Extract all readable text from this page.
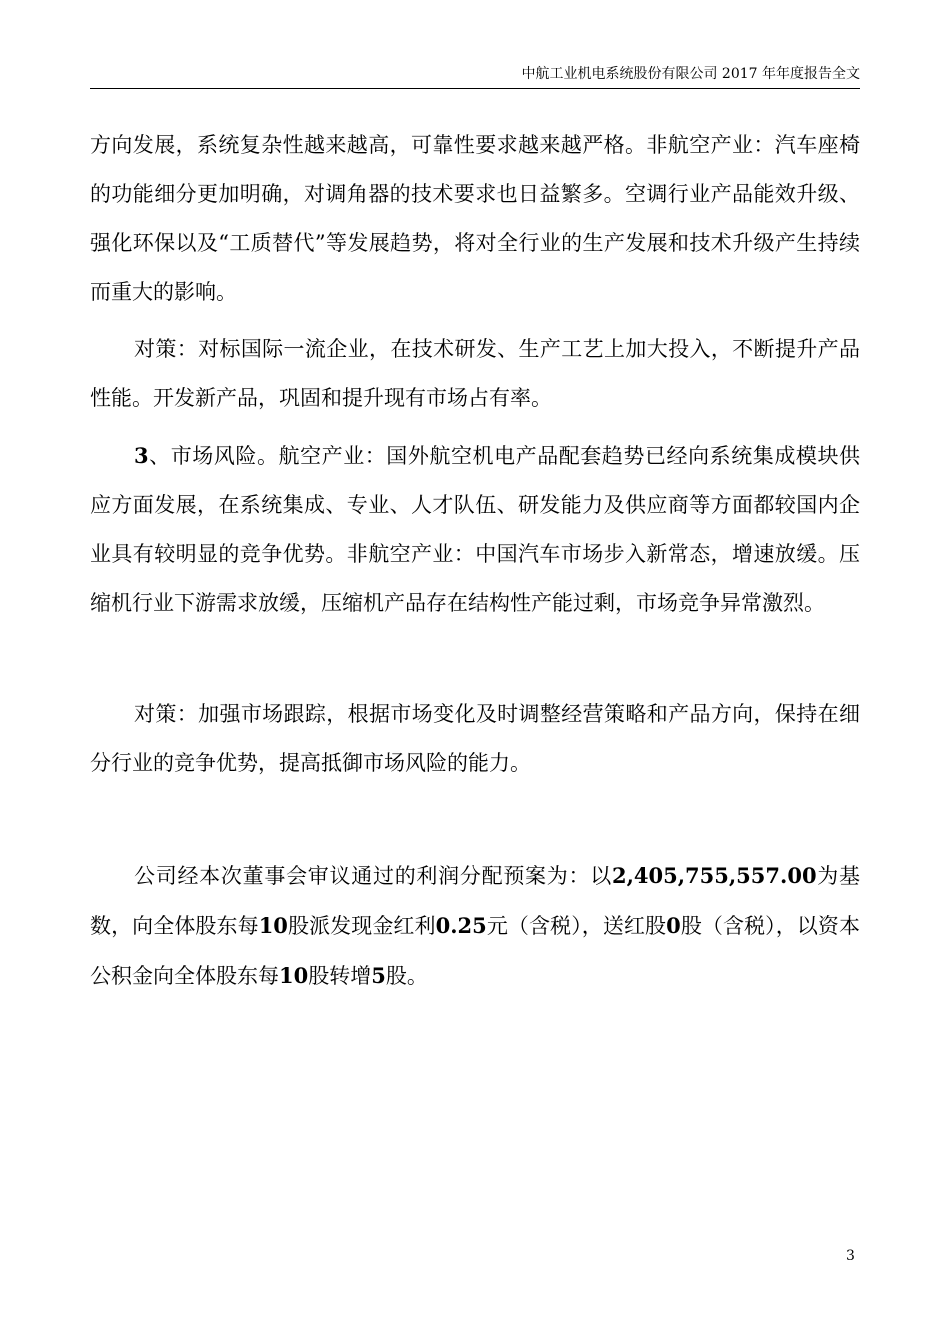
中航工业机电系统股份有限公司 2017 年年度报告全文

方向发展，系统复杂性越来越高，可靠性要求越来越严格。非航空产业：汽车座椅的功能细分更加明确，对调角器的技术要求也日益繁多。空调行业产品能效升级、强化环保以及“工质替代”等发展趋势，将对全行业的生产发展和技术升级产生持续而重大的影响。

对策：对标国际一流企业，在技术研发、生产工艺上加大投入，不断提升产品性能。开发新产品，巩固和提升现有市场占有率。

3、市场风险。航空产业：国外航空机电产品配套趋势已经向系统集成模块供应方面发展，在系统集成、专业、人才队伍、研发能力及供应商等方面都较国内企业具有较明显的竞争优势。非航空产业：中国汽车市场步入新常态，增速放缓。压缩机行业下游需求放缓，压缩机产品存在结构性产能过剩，市场竞争异常激烈。

对策：加强市场跟踪，根据市场变化及时调整经营策略和产品方向，保持在细分行业的竞争优势，提高抵御市场风险的能力。

公司经本次董事会审议通过的利润分配预案为：以2,405,755,557.00为基数，向全体股东每10股派发现金红利0.25元（含税），送红股0股（含税），以资本公积金向全体股东每10股转增5股。

3
